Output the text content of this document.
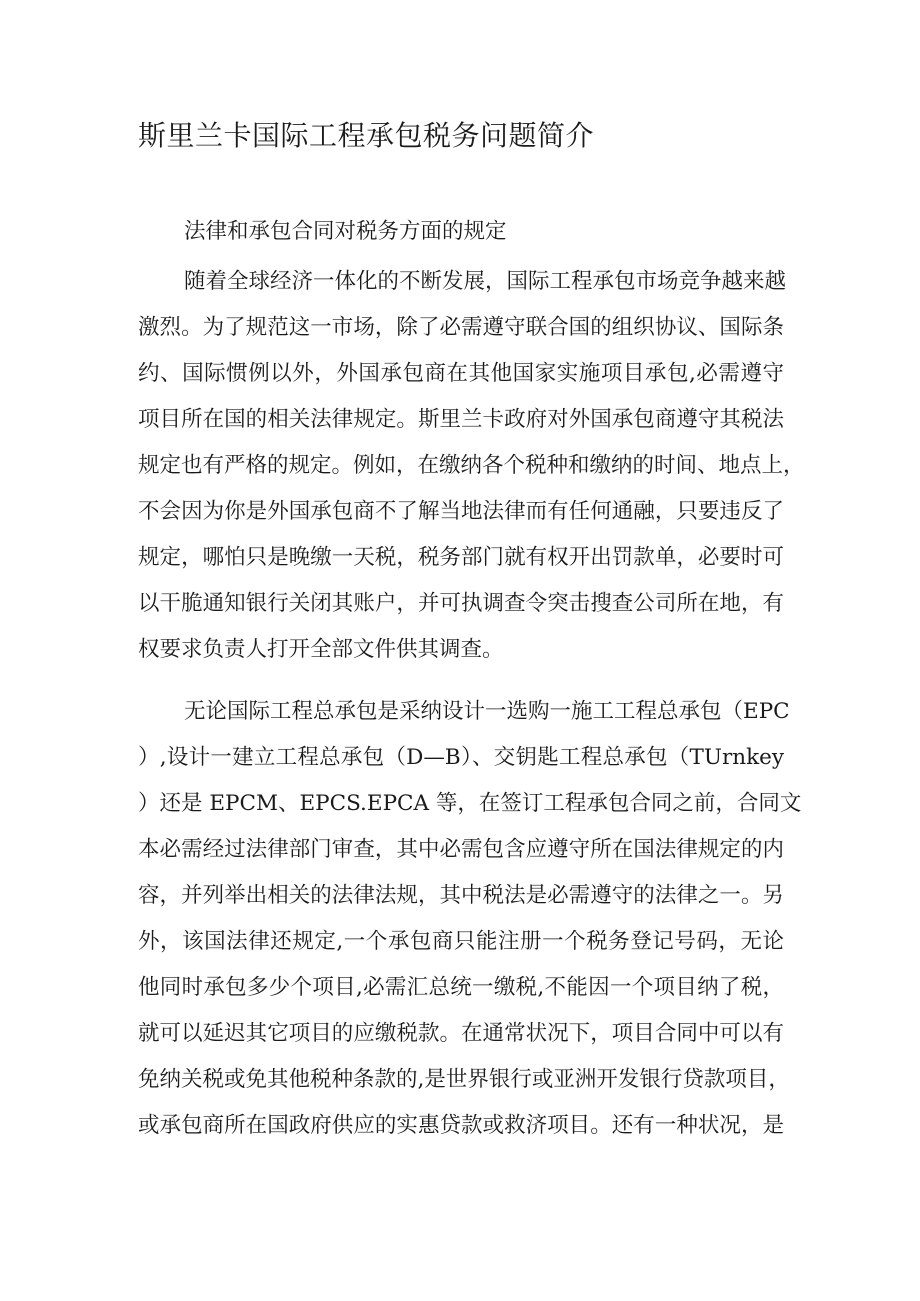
斯里兰卡国际工程承包税务问题简介
法律和承包合同对税务方面的规定
随着全球经济一体化的不断发展，国际工程承包市场竞争越来越
激烈。为了规范这一市场，除了必需遵守联合国的组织协议、国际条
约、国际惯例以外，外国承包商在其他国家实施项目承包,必需遵守
项目所在国的相关法律规定。斯里兰卡政府对外国承包商遵守其税法
规定也有严格的规定。例如，在缴纳各个税种和缴纳的时间、地点上，
不会因为你是外国承包商不了解当地法律而有任何通融，只要违反了
规定，哪怕只是晚缴一天税，税务部门就有权开出罚款单，必要时可
以干脆通知银行关闭其账户，并可执调查令突击搜查公司所在地，有
权要求负责人打开全部文件供其调查。
无论国际工程总承包是采纳设计一选购一施工工程总承包（EPC
）,设计一建立工程总承包（D—B）、交钥匙工程总承包（TUrnkey
）还是 EPCM、EPCS.EPCA 等，在签订工程承包合同之前，合同文
本必需经过法律部门审查，其中必需包含应遵守所在国法律规定的内
容，并列举出相关的法律法规，其中税法是必需遵守的法律之一。另
外，该国法律还规定,一个承包商只能注册一个税务登记号码，无论
他同时承包多少个项目,必需汇总统一缴税,不能因一个项目纳了税，
就可以延迟其它项目的应缴税款。在通常状况下，项目合同中可以有
免纳关税或免其他税种条款的,是世界银行或亚洲开发银行贷款项目，
或承包商所在国政府供应的实惠贷款或救济项目。还有一种状况，是
